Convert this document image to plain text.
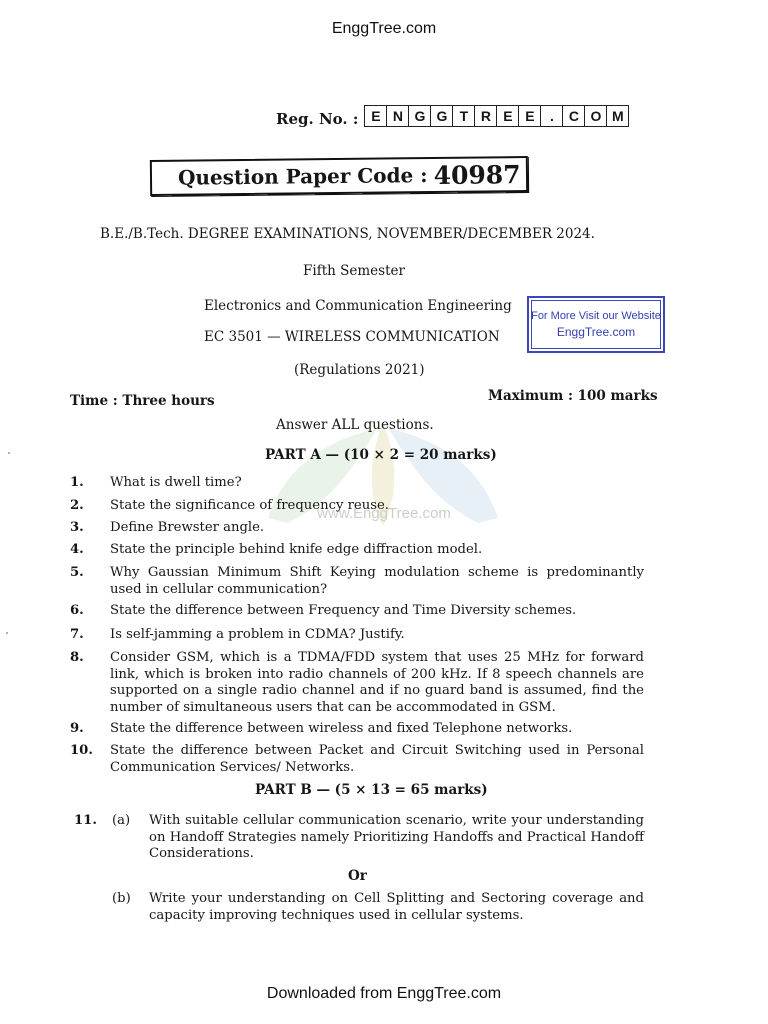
EnggTree.com
Downloaded from EnggTree.com
Reg. No. : E N G G T R E E	.	C O M
Question Paper Code : 40987
B.E./B.Tech. DEGREE EXAMINATIONS, NOVEMBER/DECEMBER 2024.
Fifth Semester
Electronics and Communication Engineering
EC 3501 — WIRELESS COMMUNICATION
(Regulations 2021)
For More Visit our Website
EnggTree.com
Time : Three hours	Maximum : 100 marks
Answer ALL questions.
PART A — (10 × 2 = 20 marks)
www.EnggTree.com
1. What is dwell time?
2. State the significance of frequency reuse.
3. Define Brewster angle.
4. State the principle behind knife edge diffraction model.
5. Why Gaussian Minimum Shift Keying modulation scheme is predominantly used in cellular communication?
6. State the difference between Frequency and Time Diversity schemes.
7. Is self-jamming a problem in CDMA? Justify.
8. Consider GSM, which is a TDMA/FDD system that uses 25 MHz for forward link, which is broken into radio channels of 200 kHz. If 8 speech channels are supported on a single radio channel and if no guard band is assumed, find the number of simultaneous users that can be accommodated in GSM.
9. State the difference between wireless and fixed Telephone networks.
10. State the difference between Packet and Circuit Switching used in Personal Communication Services/ Networks.
PART B — (5 × 13 = 65 marks)
11. (a) With suitable cellular communication scenario, write your understanding on Handoff Strategies namely Prioritizing Handoffs and Practical Handoff Considerations.
Or
(b) Write your understanding on Cell Splitting and Sectoring coverage and capacity improving techniques used in cellular systems.
